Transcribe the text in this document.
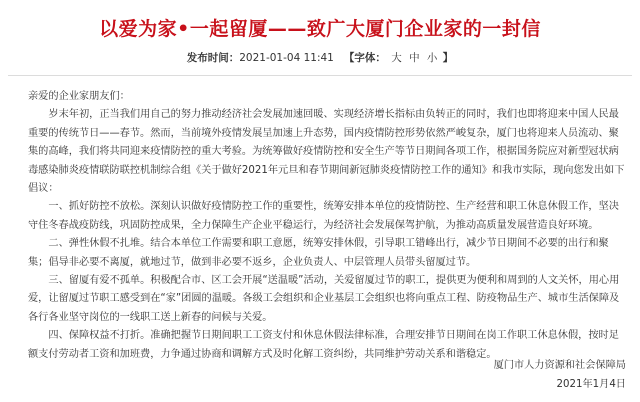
以爱为家•一起留厦——致广大厦门企业家的一封信
发布时间：2021-01-04 11:41 【字体： 大 中 小 】

亲爱的企业家朋友们：

岁末年初，正当我们用自己的努力推动经济社会发展加速回暖、实现经济增长指标由负转正的同时，我们也即将迎来中国人民最重要的传统节日——春节。然而，当前境外疫情发展呈加速上升态势，国内疫情防控形势依然严峻复杂，厦门也将迎来人员流动、聚集的高峰，我们将共同迎来疫情防控的重大考验。为统筹做好疫情防控和安全生产等节日期间各项工作，根据国务院应对新型冠状病毒感染肺炎疫情联防联控机制综合组《关于做好2021年元旦和春节期间新冠肺炎疫情防控工作的通知》和我市实际，现向您发出如下倡议：

一、抓好防控不放松。深刻认识做好疫情防控工作的重要性，统筹安排本单位的疫情防控、生产经营和职工休息休假工作，坚决守住冬春战疫防线，巩固防控成果，全力保障生产企业平稳运行，为经济社会发展保驾护航，为推动高质量发展营造良好环境。

二、弹性休假不扎堆。结合本单位工作需要和职工意愿，统筹安排休假，引导职工错峰出行，减少节日期间不必要的出行和聚集；倡导非必要不离厦，就地过节，做到非必要不返乡，企业负责人、中层管理人员带头留厦过节。

三、留厦有爱不孤单。积极配合市、区工会开展“送温暖”活动，关爱留厦过节的职工，提供更为便利和周到的人文关怀，用心用爱，让留厦过节职工感受到在“家”团圆的温暖。各级工会组织和企业基层工会组织也将向重点工程、防疫物品生产、城市生活保障及各行各业坚守岗位的一线职工送上新春的问候与关爱。

四、保障权益不打折。准确把握节日期间职工工资支付和休息休假法律标准，合理安排节日期间在岗工作职工休息休假，按时足额支付劳动者工资和加班费，力争通过协商和调解方式及时化解工资纠纷，共同维护劳动关系和谐稳定。

厦门市人力资源和社会保障局
2021年1月4日
